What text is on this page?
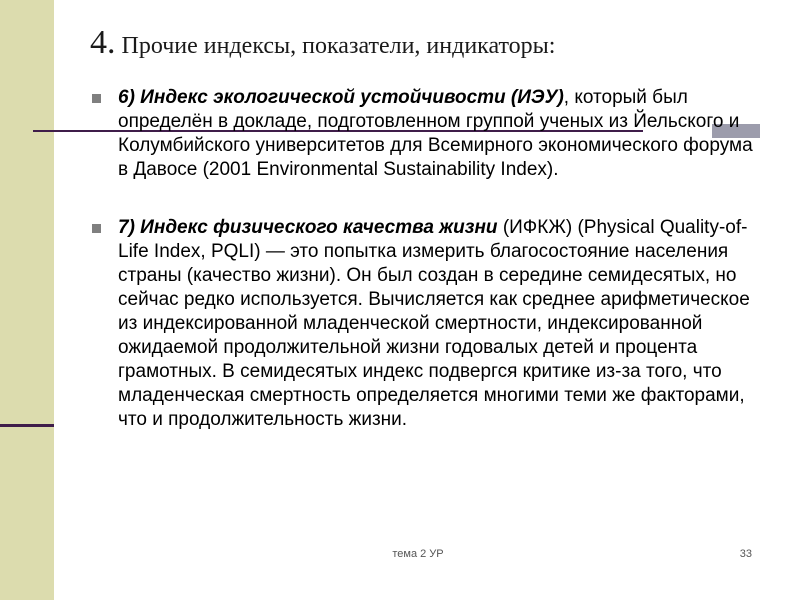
4. Прочие индексы, показатели, индикаторы:
6) Индекс экологической устойчивости (ИЭУ), который был определён в докладе, подготовленном группой ученых из Йельского и Колумбийского университетов для Всемирного экономического форума в Давосе (2001 Environmental Sustainability Index).
7) Индекс физического качества жизни (ИФКЖ) (Physical Quality-of-Life Index, PQLI) — это попытка измерить благосостояние населения страны (качество жизни). Он был создан в середине семидесятых, но сейчас редко используется. Вычисляется как среднее арифметическое из индексированной младенческой смертности, индексированной ожидаемой продолжительной жизни годовалых детей и процента грамотных. В семидесятых индекс подвергся критике из-за того, что младенческая смертность определяется многими теми же факторами, что и продолжительность жизни.
тема 2 УР	33
